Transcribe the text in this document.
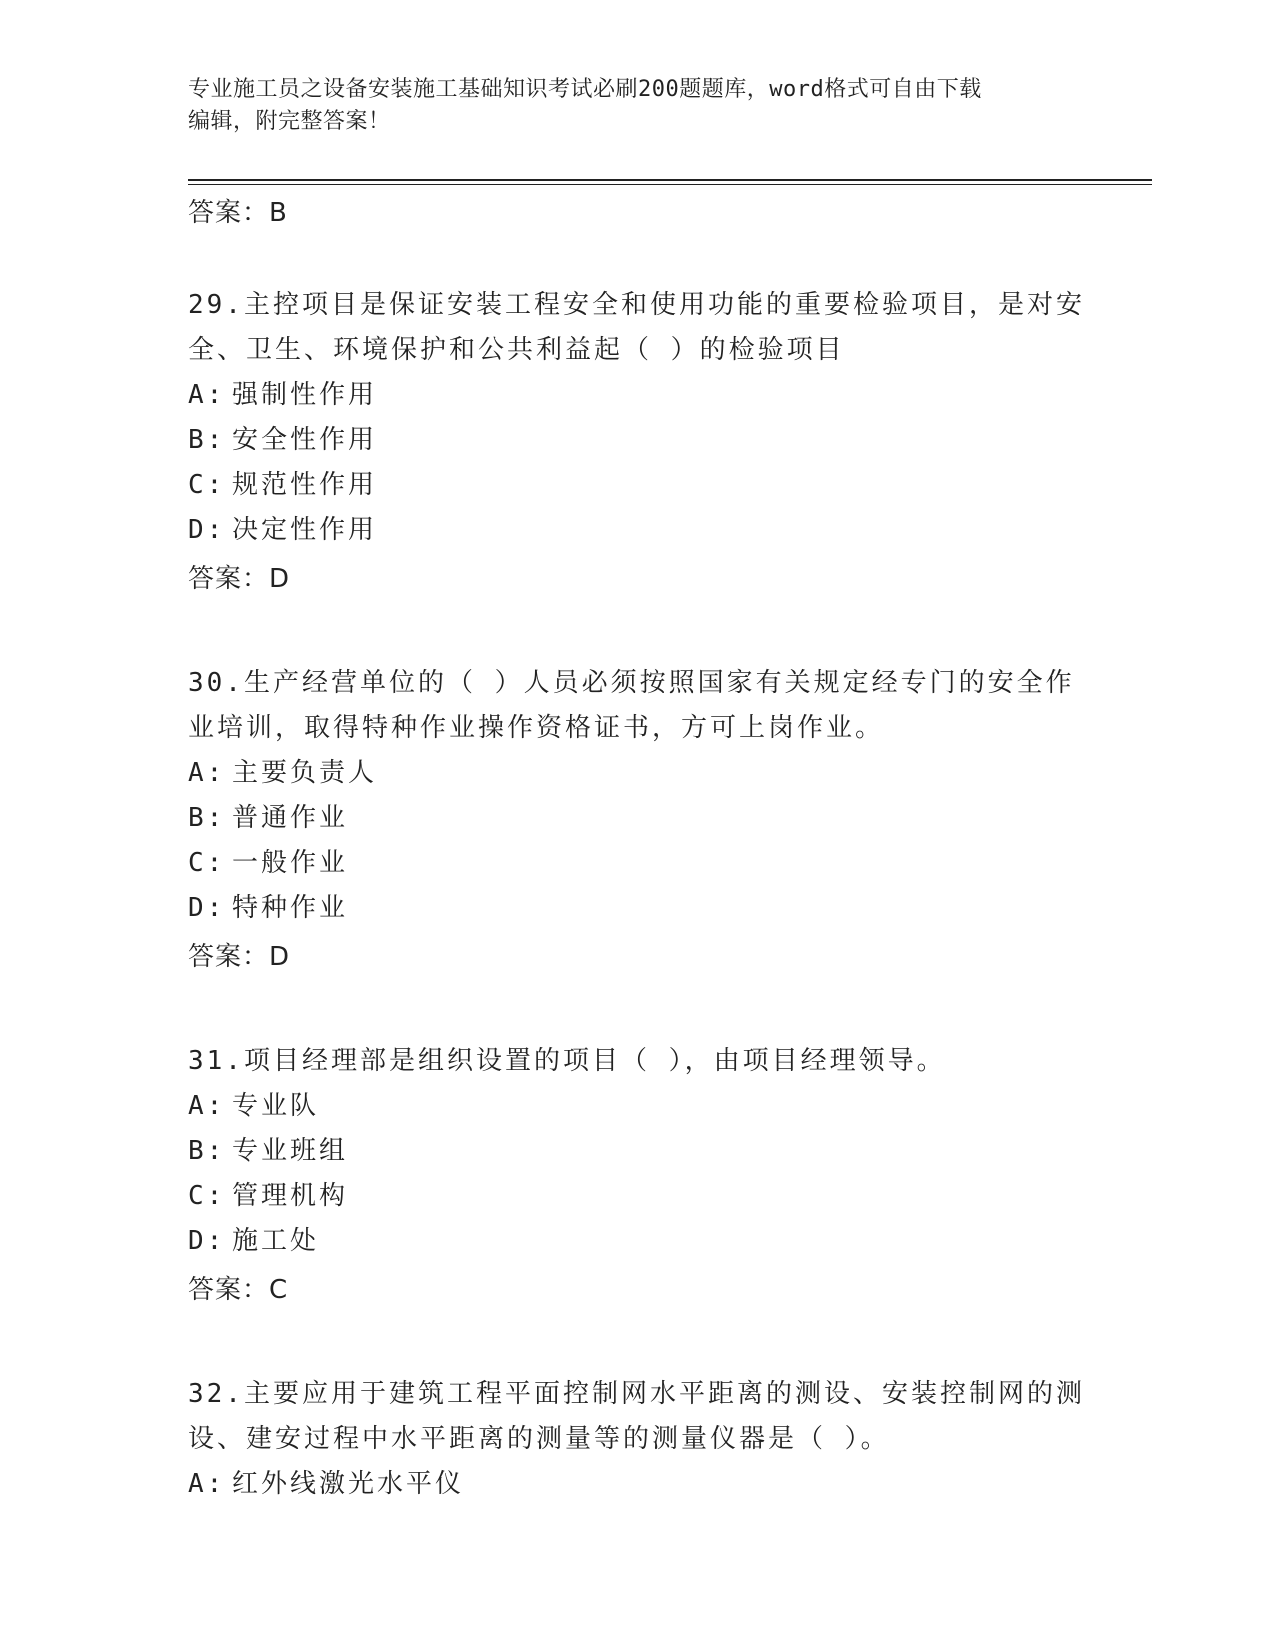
专业施工员之设备安装施工基础知识考试必刷200题题库，word格式可自由下载
编辑，附完整答案！
答案：B
29.主控项目是保证安装工程安全和使用功能的重要检验项目，是对安
全、卫生、环境保护和公共利益起（ ）的检验项目
A: 强制性作用
B: 安全性作用
C: 规范性作用
D: 决定性作用
答案：D
30.生产经营单位的（ ）人员必须按照国家有关规定经专门的安全作
业培训，取得特种作业操作资格证书，方可上岗作业。
A: 主要负责人
B: 普通作业
C: 一般作业
D: 特种作业
答案：D
31.项目经理部是组织设置的项目（ ），由项目经理领导。
A: 专业队
B: 专业班组
C: 管理机构
D: 施工处
答案：C
32.主要应用于建筑工程平面控制网水平距离的测设、安装控制网的测
设、建安过程中水平距离的测量等的测量仪器是（ ）。
A: 红外线激光水平仪
